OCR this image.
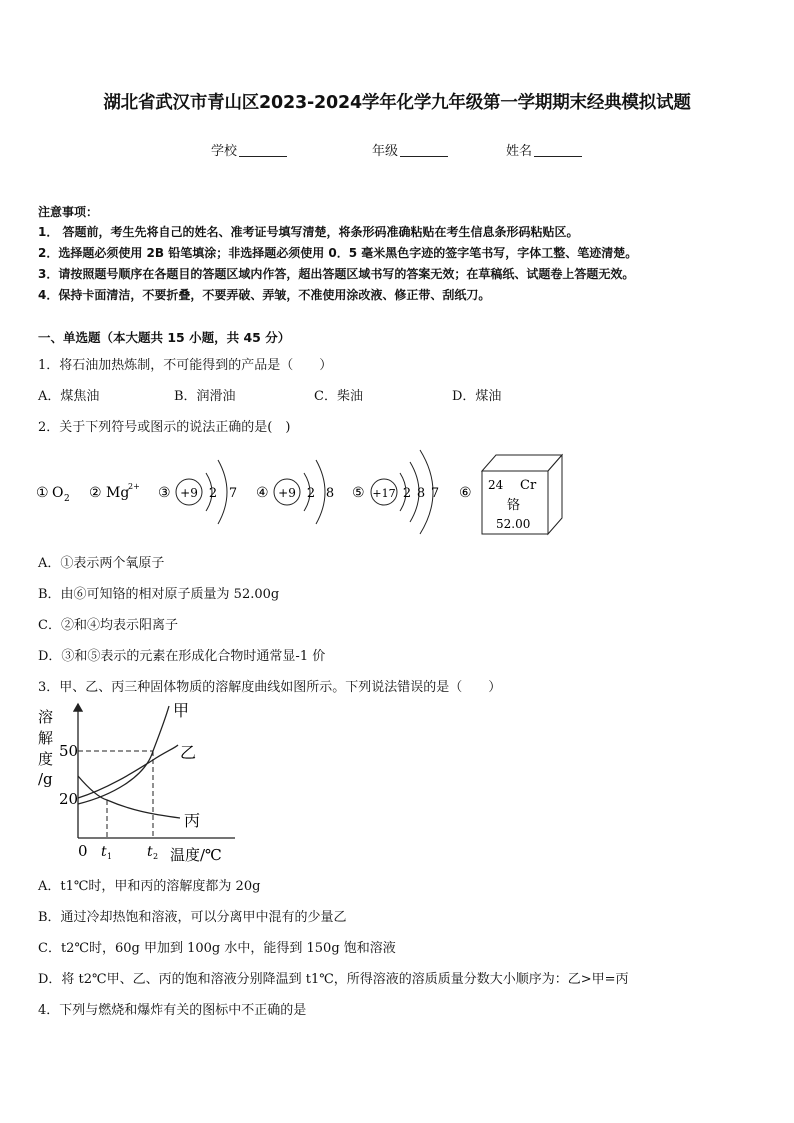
湖北省武汉市青山区2023-2024学年化学九年级第一学期期末经典模拟试题
学校	年级	姓名
注意事项：
1． 答题前，考生先将自己的姓名、准考证号填写清楚，将条形码准确粘贴在考生信息条形码粘贴区。
2．选择题必须使用 2B 铅笔填涂；非选择题必须使用 0．5 毫米黑色字迹的签字笔书写，字体工整、笔迹清楚。
3．请按照题号顺序在各题目的答题区域内作答，超出答题区域书写的答案无效；在草稿纸、试题卷上答题无效。
4．保持卡面清洁，不要折叠，不要弄破、弄皱，不准使用涂改液、修正带、刮纸刀。
一、单选题（本大题共 15 小题，共 45 分）
1．将石油加热炼制，不可能得到的产品是（　　）
A．煤焦油	B．润滑油	C．柴油	D．煤油
2．关于下列符号或图示的说法正确的是(　)
① O 2 ② Mg
2+ ③ +9 2 7 ④ +9 2 8 ⑤ +17 2 8 7 ⑥ 24 Cr
铬
52.00
A．①表示两个氧原子
B．由⑥可知铬的相对原子质量为 52.00g
C．②和④均表示阳离子
D．③和⑤表示的元素在形成化合物时通常显-1 价
3．甲、乙、丙三种固体物质的溶解度曲线如图所示。下列说法错误的是（　　）
溶
解
度
/g
50
20
0 t 1 t 2 温度/℃
甲
乙
丙
A．t1℃时，甲和丙的溶解度都为 20g
B．通过冷却热饱和溶液，可以分离甲中混有的少量乙
C．t2℃时，60g 甲加到 100g 水中，能得到 150g 饱和溶液
D．将 t2℃甲、乙、丙的饱和溶液分别降温到 t1℃，所得溶液的溶质质量分数大小顺序为：乙>甲=丙
4．下列与燃烧和爆炸有关的图标中不正确的是
